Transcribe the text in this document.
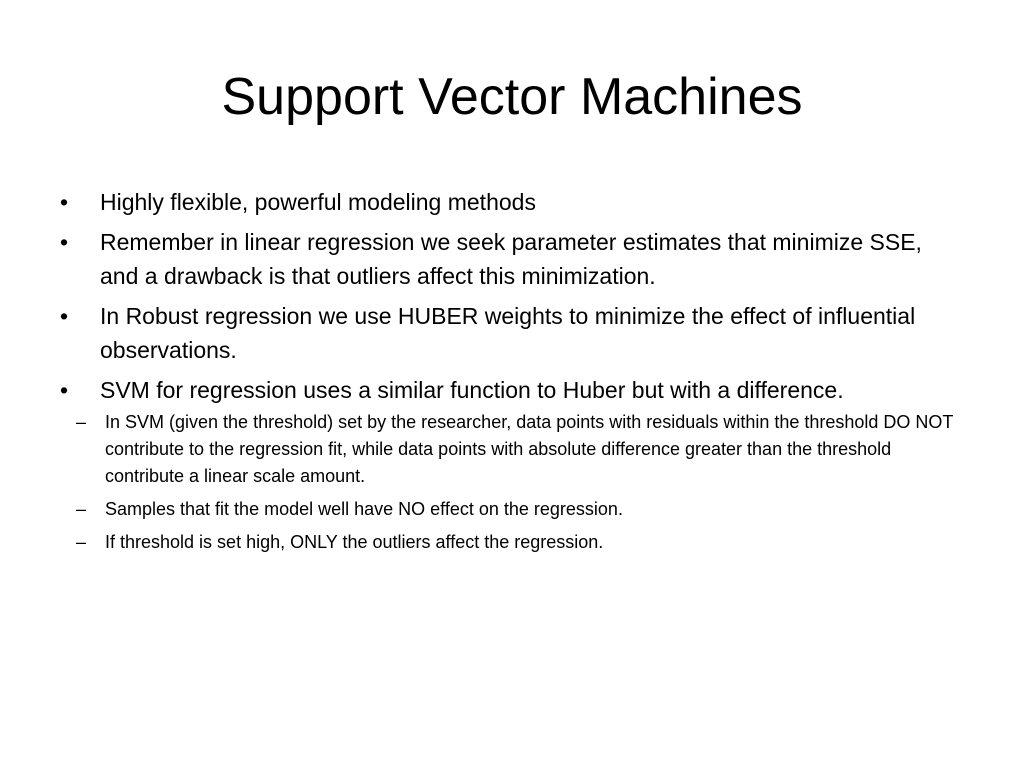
Support Vector Machines
•	Highly flexible, powerful modeling methods
•	Remember in linear regression we seek parameter estimates that minimize SSE, and a drawback is that outliers affect this minimization.
•	In Robust regression we use HUBER weights to minimize the effect of influential observations.
•	SVM for regression uses a similar function to Huber but with a difference.
– In SVM (given the threshold) set by the researcher, data points with residuals within the threshold DO NOT contribute to the regression fit, while data points with absolute difference greater than the threshold contribute a linear scale amount.
– Samples that fit the model well have NO effect on the regression.
– If threshold is set high, ONLY the outliers affect the regression.
